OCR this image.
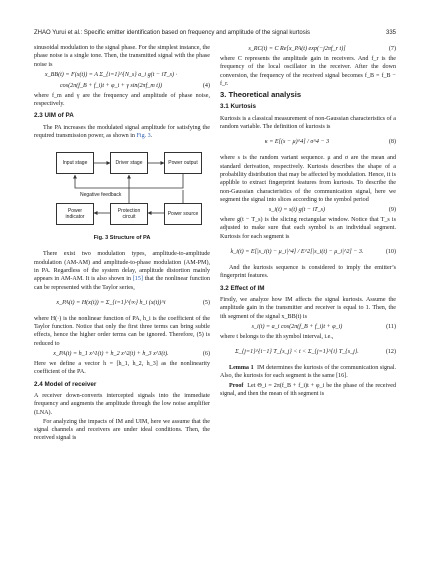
ZHAO Yurui et al.: Specific emitter identification based on frequency and amplitude of the signal kurtosis	335

sinusoidal modulation to the signal phase. For the simplest instance, the phase noise is a single tone. Then, the transmitted signal with the phase noise is

x_BB(t) = F(x(t)) = A Σ_{i=1}^{N_s} a_i g(t − iT_s) ·
cos(2π(f_B + f_i)t + φ_i + γ sin(2πf_m t))	(4)

where f_m and γ are the frequency and amplitude of phase noise, respectively.

2.3 UIM of PA

The PA increases the modulated signal amplitude for satisfying the required transmission power, as shown in Fig. 3.

Input stage	Driver stage	Power output
Negative feedback
Power indicator
Protection circuit	Power source
Fig. 3 Structure of PA

There exist two modulation types, amplitude-to-amplitude modulation (AM-AM) and amplitude-to-phase modulation (AM-PM), in PA. Regardless of the system delay, amplitude distortion mainly appears in AM-AM. It is also shown in [15] that the nonlinear function can be represented with the Taylor series,

x_PA(t) = H(x(t)) = Σ_{i=1}^{∞} h_i (x(t))^i	(5)

where H(·) is the nonlinear function of PA, h_i is the coefficient of the Taylor function. Notice that only the first three terms can bring subtle effects, hence the higher order terms can be ignored. Therefore, (5) is reduced to

x_PA(t) = h_1 x^1(t) + h_2 x^2(t) + h_3 x^3(t).	(6)

Here we define a vector h = [h_1, h_2, h_3] as the nonlinearity coefficient of the PA.

2.4 Model of receiver

A receiver down-converts intercepted signals into the immediate frequency and augments the amplitude through the low noise amplifier (LNA).

For analyzing the impacts of IM and UIM, here we assume that the signal channels and receivers are under ideal conditions. Then, the received signal is

s_RC(t) = C Re[x_PA(t) exp(−j2πf_r t)]	(7)

where C represents the amplitude gain in receivers. And f_r is the frequency of the local oscillator in the receiver. After the down conversion, the frequency of the received signal becomes f_B = f_B − f_r.

3. Theoretical analysis
3.1 Kurtosis

Kurtosis is a classical measurement of non-Gaussian characteristics of a random variable. The definition of kurtosis is

κ = E[(s − μ)^4] / σ^4 − 3	(8)

where s is the random variant sequence. μ and σ are the mean and standard derivation, respectively. Kurtosis describes the shape of a probability distribution that may be affected by modulation. Hence, it is applible to extract fingerprint features from kurtosis. To describe the non-Gaussian characteristics of the communication signal, here we segment the signal into slices according to the symbol period

s_i(t) = s(t) g(t − iT_s)	(9)

where g(t − T_s) is the slicing rectangular window. Notice that T_s is adjusted to make sure that each symbol is an individual segment. Kurtosis for each segment is

k_i(t) = E[|s_i(t) − μ_i|^4] / E^2[|s_i(t) − μ_i|^2] − 3.	(10)

And the kurtosis sequence is considered to imply the emitter’s fingerprint features.

3.2 Effect of IM

Firstly, we analyze how IM affects the signal kurtosis. Assume the amplitude gain in the transmitter and receiver is equal to 1. Then, the ith segment of the signal x_BB(t) is

s_i(t) = a_i cos(2π(f_B + f_i)t + φ_i)	(11)

where t belongs to the ith symbol interval, i.e.,

Σ_{j=1}^{i−1} T_{s_j} < t < Σ_{j=1}^{i} T_{s_j}.	(12)

Lemma 1 IM determines the kurtosis of the communication signal. Also, the kurtosis for each segment is the same [16].

Proof Let Θ_i = 2π(f_B + f_i)t + φ_i be the phase of the received signal, and then the mean of ith segment is
